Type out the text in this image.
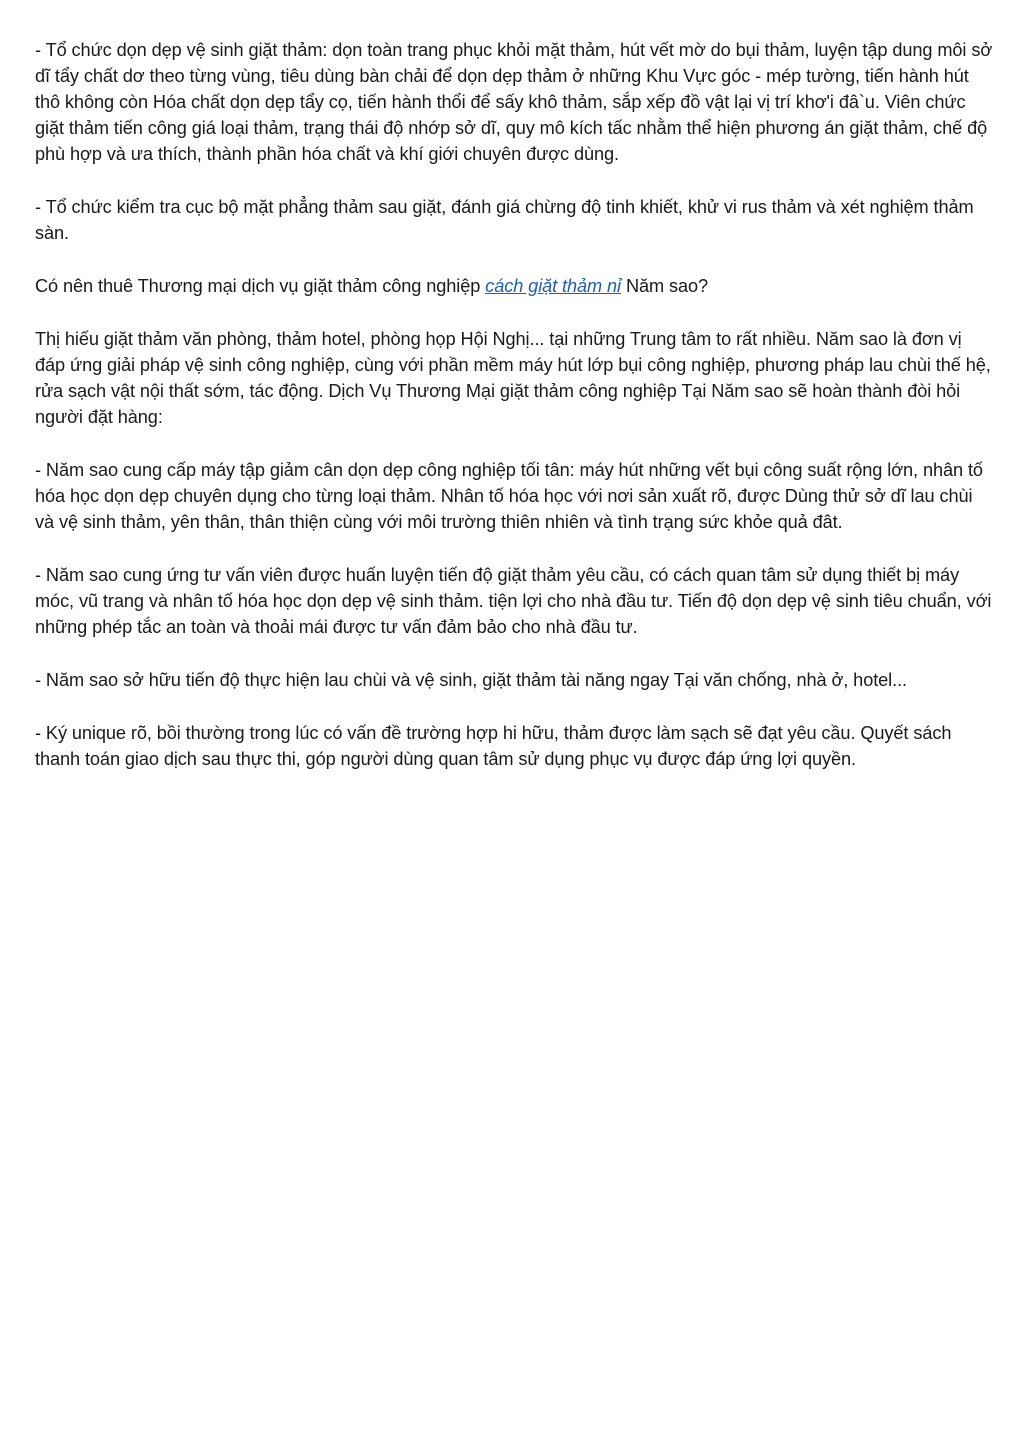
- Tổ chức dọn dẹp vệ sinh giặt thảm: dọn toàn trang phục khỏi mặt thảm, hút vết mờ do bụi thảm, luyện tập dung môi sở dĩ tẩy chất dơ theo từng vùng, tiêu dùng bàn chải để dọn dẹp thảm ở những Khu Vực góc - mép tường, tiến hành hút thô không còn Hóa chất dọn dẹp tẩy cọ, tiến hành thổi để sấy khô thảm, sắp xếp đồ vật lại vị trí khơ'i đâ`u. Viên chức giặt thảm tiến công giá loại thảm, trạng thái độ nhớp sở dĩ, quy mô kích tấc nhằm thể hiện phương án giặt thảm, chế độ phù hợp và ưa thích, thành phần hóa chất và khí giới chuyên được dùng.

- Tổ chức kiểm tra cục bộ mặt phẳng thảm sau giặt, đánh giá chừng độ tinh khiết, khử vi rus thảm và xét nghiệm thảm sàn.

Có nên thuê Thương mại dịch vụ giặt thảm công nghiệp cách giặt thảm nỉ Năm sao?

Thị hiếu giặt thảm văn phòng, thảm hotel, phòng họp Hội Nghị... tại những Trung tâm to rất nhiều. Năm sao là đơn vị đáp ứng giải pháp vệ sinh công nghiệp, cùng với phần mềm máy hút lớp bụi công nghiệp, phương pháp lau chùi thế hệ, rửa sạch vật nội thất sớm, tác động. Dịch Vụ Thương Mại giặt thảm công nghiệp Tại Năm sao sẽ hoàn thành đòi hỏi người đặt hàng:

- Năm sao cung cấp máy tập giảm cân dọn dẹp công nghiệp tối tân: máy hút những vết bụi công suất rộng lớn, nhân tố hóa học dọn dẹp chuyên dụng cho từng loại thảm. Nhân tố hóa học với nơi sản xuất rõ, được Dùng thử sở dĩ lau chùi và vệ sinh thảm, yên thân, thân thiện cùng với môi trường thiên nhiên và tình trạng sức khỏe quả đât.

- Năm sao cung ứng tư vấn viên được huấn luyện tiến độ giặt thảm yêu cầu, có cách quan tâm sử dụng thiết bị máy móc, vũ trang và nhân tố hóa học dọn dẹp vệ sinh thảm. tiện lợi cho nhà đầu tư. Tiến độ dọn dẹp vệ sinh tiêu chuẩn, với những phép tắc an toàn và thoải mái được tư vấn đảm bảo cho nhà đầu tư.

- Năm sao sở hữu tiến độ thực hiện lau chùi và vệ sinh, giặt thảm tài năng ngay Tại văn chống, nhà ở, hotel...

- Ký unique rõ, bồi thường trong lúc có vấn đề trường hợp hi hữu, thảm được làm sạch sẽ đạt yêu cầu. Quyết sách thanh toán giao dịch sau thực thi, góp người dùng quan tâm sử dụng phục vụ được đáp ứng lợi quyền.
